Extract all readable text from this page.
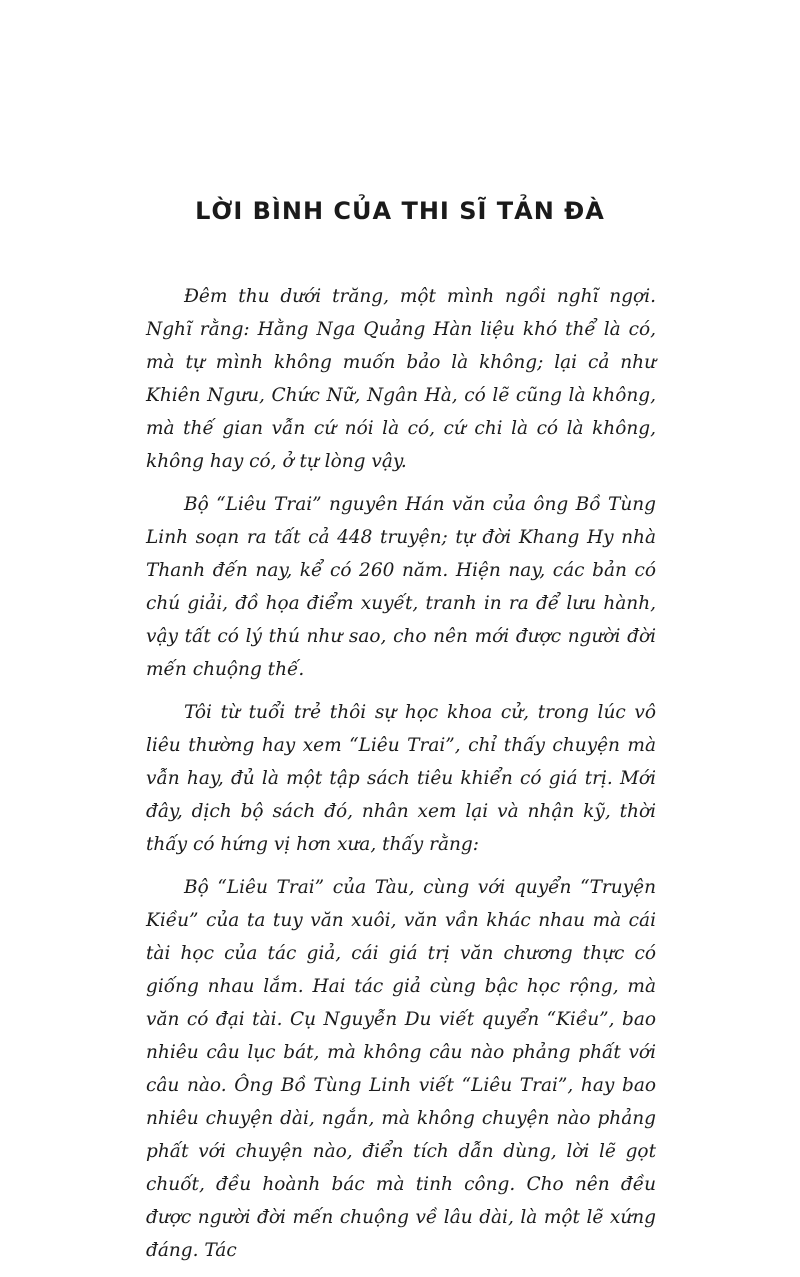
LỜI BÌNH CỦA THI SĨ TẢN ĐÀ

Đêm thu dưới trăng, một mình ngồi nghĩ ngợi. Nghĩ rằng: Hằng Nga Quảng Hàn liệu khó thể là có, mà tự mình không muốn bảo là không; lại cả như Khiên Ngưu, Chức Nữ, Ngân Hà, có lẽ cũng là không, mà thế gian vẫn cứ nói là có, cứ chi là có là không, không hay có, ở tự lòng vậy.

Bộ “Liêu Trai” nguyên Hán văn của ông Bồ Tùng Linh soạn ra tất cả 448 truyện; tự đời Khang Hy nhà Thanh đến nay, kể có 260 năm. Hiện nay, các bản có chú giải, đồ họa điểm xuyết, tranh in ra để lưu hành, vậy tất có lý thú như sao, cho nên mới được người đời mến chuộng thế.

Tôi từ tuổi trẻ thôi sự học khoa cử, trong lúc vô liêu thường hay xem “Liêu Trai”, chỉ thấy chuyện mà vẫn hay, đủ là một tập sách tiêu khiển có giá trị. Mới đây, dịch bộ sách đó, nhân xem lại và nhận kỹ, thời thấy có hứng vị hơn xưa, thấy rằng:

Bộ “Liêu Trai” của Tàu, cùng với quyển “Truyện Kiều” của ta tuy văn xuôi, văn vần khác nhau mà cái tài học của tác giả, cái giá trị văn chương thực có giống nhau lắm. Hai tác giả cùng bậc học rộng, mà văn có đại tài. Cụ Nguyễn Du viết quyển “Kiều”, bao nhiêu câu lục bát, mà không câu nào phảng phất với câu nào. Ông Bồ Tùng Linh viết “Liêu Trai”, hay bao nhiêu chuyện dài, ngắn, mà không chuyện nào phảng phất với chuyện nào, điển tích dẫn dùng, lời lẽ gọt chuốt, đều hoành bác mà tinh công. Cho nên đều được người đời mến chuộng về lâu dài, là một lẽ xứng đáng. Tác
